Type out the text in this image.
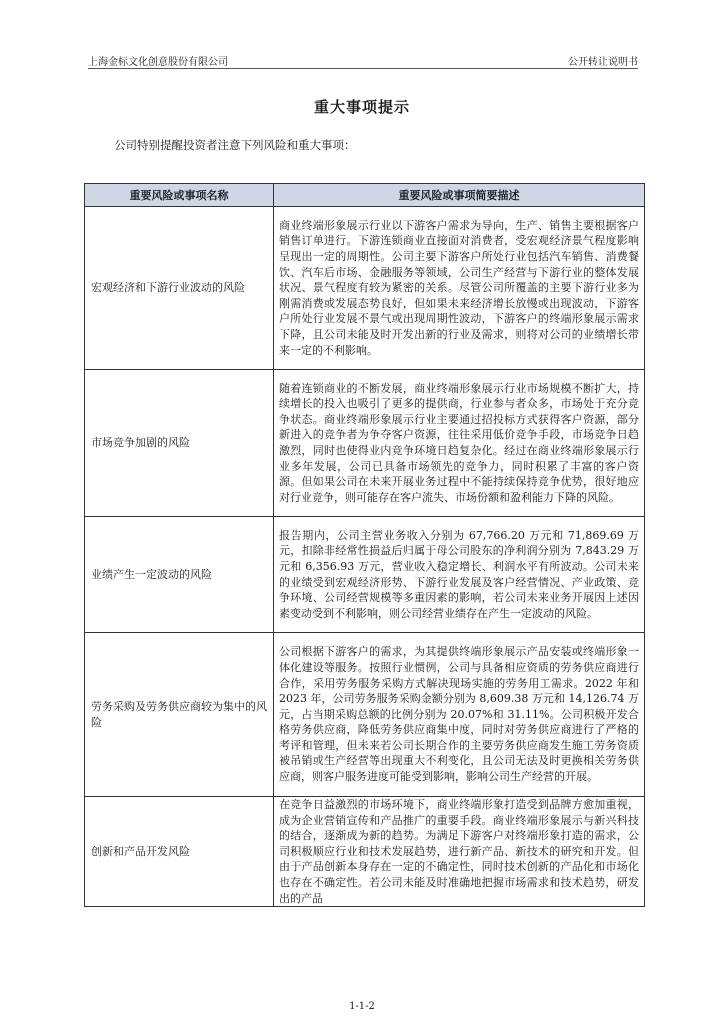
上海金标文化创意股份有限公司	公开转让说明书
重大事项提示
公司特别提醒投资者注意下列风险和重大事项：
重要风险或事项名称	重要风险或事项简要描述
宏观经济和下游行业波动的风险	商业终端形象展示行业以下游客户需求为导向，生产、销售主要根据客户销售订单进行。下游连锁商业直接面对消费者，受宏观经济景气程度影响呈现出一定的周期性。公司主要下游客户所处行业包括汽车销售、消费餐饮、汽车后市场、金融服务等领域，公司生产经营与下游行业的整体发展状况、景气程度有较为紧密的关系。尽管公司所覆盖的主要下游行业多为刚需消费或发展态势良好，但如果未来经济增长放慢或出现波动，下游客户所处行业发展不景气或出现周期性波动，下游客户的终端形象展示需求下降，且公司未能及时开发出新的行业及需求，则将对公司的业绩增长带来一定的不利影响。
市场竞争加剧的风险	随着连锁商业的不断发展，商业终端形象展示行业市场规模不断扩大，持续增长的投入也吸引了更多的提供商，行业参与者众多，市场处于充分竞争状态。商业终端形象展示行业主要通过招投标方式获得客户资源，部分新进入的竞争者为争夺客户资源，往往采用低价竞争手段，市场竞争日趋激烈，同时也使得业内竞争环境日趋复杂化。经过在商业终端形象展示行业多年发展，公司已具备市场领先的竞争力，同时积累了丰富的客户资源。但如果公司在未来开展业务过程中不能持续保持竞争优势，很好地应对行业竞争，则可能存在客户流失、市场份额和盈利能力下降的风险。
业绩产生一定波动的风险	报告期内，公司主营业务收入分别为 67,766.20 万元和 71,869.69 万元，扣除非经常性损益后归属于母公司股东的净利润分别为 7,843.29 万元和 6,356.93 万元，营业收入稳定增长、利润水平有所波动。公司未来的业绩受到宏观经济形势、下游行业发展及客户经营情况、产业政策、竞争环境、公司经营规模等多重因素的影响，若公司未来业务开展因上述因素变动受到不利影响，则公司经营业绩存在产生一定波动的风险。
劳务采购及劳务供应商较为集中的风险	公司根据下游客户的需求，为其提供终端形象展示产品安装或终端形象一体化建设等服务。按照行业惯例，公司与具备相应资质的劳务供应商进行合作，采用劳务服务采购方式解决现场实施的劳务用工需求。2022 年和 2023 年，公司劳务服务采购金额分别为 8,609.38 万元和 14,126.74 万元，占当期采购总额的比例分别为 20.07%和 31.11%。公司积极开发合格劳务供应商，降低劳务供应商集中度，同时对劳务供应商进行了严格的考评和管理，但未来若公司长期合作的主要劳务供应商发生施工劳务资质被吊销或生产经营等出现重大不利变化，且公司无法及时更换相关劳务供应商，则客户服务进度可能受到影响，影响公司生产经营的开展。
创新和产品开发风险	在竞争日益激烈的市场环境下，商业终端形象打造受到品牌方愈加重视，成为企业营销宣传和产品推广的重要手段。商业终端形象展示与新兴科技的结合，逐渐成为新的趋势。为满足下游客户对终端形象打造的需求，公司积极顺应行业和技术发展趋势，进行新产品、新技术的研究和开发。但由于产品创新本身存在一定的不确定性，同时技术创新的产品化和市场化也存在不确定性。若公司未能及时准确地把握市场需求和技术趋势，研发出的产品
1-1-2
